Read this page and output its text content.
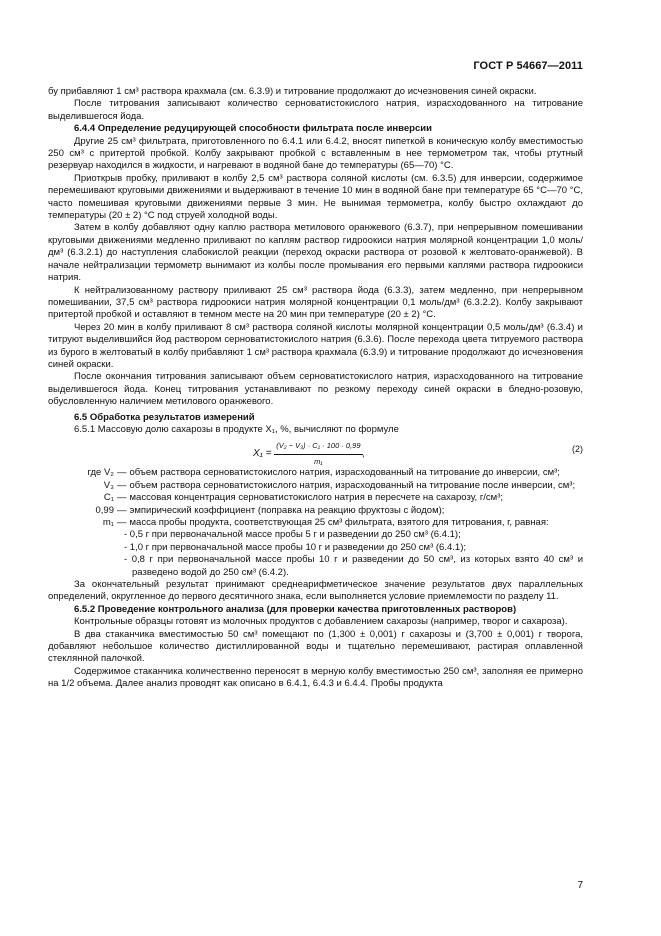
ГОСТ Р 54667—2011

бу прибавляют 1 см³ раствора крахмала (см. 6.3.9) и титрование продолжают до исчезновения синей окраски.

После титрования записывают количество серноватистокислого натрия, израсходованного на титрование выделившегося йода.

6.4.4 Определение редуцирующей способности фильтрата после инверсии

Другие 25 см³ фильтрата, приготовленного по 6.4.1 или 6.4.2, вносят пипеткой в коническую колбу вместимостью 250 см³ с притертой пробкой. Колбу закрывают пробкой с вставленным в нее термометром так, чтобы ртутный резервуар находился в жидкости, и нагревают в водяной бане до температуры (65—70) °С.

Приоткрыв пробку, приливают в колбу 2,5 см³ раствора соляной кислоты (см. 6.3.5) для инверсии, содержимое перемешивают круговыми движениями и выдерживают в течение 10 мин в водяной бане при температуре 65 °С—70 °С, часто помешивая круговыми движениями первые 3 мин. Не вынимая термометра, колбу быстро охлаждают до температуры (20 ± 2) °С под струей холодной воды.

Затем в колбу добавляют одну каплю раствора метилового оранжевого (6.3.7), при непрерывном помешивании круговыми движениями медленно приливают по каплям раствор гидроокиси натрия молярной концентрации 1,0 моль/дм³ (6.3.2.1) до наступления слабокислой реакции (переход окраски раствора от розовой к желтовато-оранжевой). В начале нейтрализации термометр вынимают из колбы после промывания его первыми каплями раствора гидроокиси натрия.

К нейтрализованному раствору приливают 25 см³ раствора йода (6.3.3), затем медленно, при непрерывном помешивании, 37,5 см³ раствора гидроокиси натрия молярной концентрации 0,1 моль/дм³ (6.3.2.2). Колбу закрывают притертой пробкой и оставляют в темном месте на 20 мин при температуре (20 ± 2) °С.

Через 20 мин в колбу приливают 8 см³ раствора соляной кислоты молярной концентрации 0,5 моль/дм³ (6.3.4) и титруют выделившийся йод раствором серноватистокислого натрия (6.3.6). После перехода цвета титруемого раствора из бурого в желтоватый в колбу прибавляют 1 см³ раствора крахмала (6.3.9) и титрование продолжают до исчезновения синей окраски.

После окончания титрования записывают объем серноватистокислого натрия, израсходованного на титрование выделившегося йода. Конец титрования устанавливают по резкому переходу синей окраски в бледно-розовую, обусловленную наличием метилового оранжевого.

6.5 Обработка результатов измерений

6.5.1 Массовую долю сахарозы в продукте X₁, %, вычисляют по формуле

$X_1 = \frac{\text{(V₂ − V₃) · C₁ · 100 · 0,99}}{\text{m₁}}$ ,	(2)
где V₂ — объем раствора серноватистокислого натрия, израсходованный на титрование до инверсии, см³;
V₃ — объем раствора серноватистокислого натрия, израсходованный на титрование после инверсии, см³;
C₁ — массовая концентрация серноватистокислого натрия в пересчете на сахарозу, г/см³;
0,99 — эмпирический коэффициент (поправка на реакцию фруктозы с йодом);
m₁ — масса пробы продукта, соответствующая 25 см³ фильтрата, взятого для титрования, г, равная:

- 0,5 г при первоначальной массе пробы 5 г и разведении до 250 см³ (6.4.1);

- 1,0 г при первоначальной массе пробы 10 г и разведении до 250 см³ (6.4.1);

- 0,8 г при первоначальной массе пробы 10 г и разведении до 50 см³, из которых взято 40 см³ и разведено водой до 250 см³ (6.4.2).

За окончательный результат принимают среднеарифметическое значение результатов двух параллельных определений, округленное до первого десятичного знака, если выполняется условие приемлемости по разделу 11.

6.5.2 Проведение контрольного анализа (для проверки качества приготовленных растворов)

Контрольные образцы готовят из молочных продуктов с добавлением сахарозы (например, творог и сахароза).

В два стаканчика вместимостью 50 см³ помещают по (1,300 ± 0,001) г сахарозы и (3,700 ± 0,001) г творога, добавляют небольшое количество дистиллированной воды и тщательно перемешивают, растирая оплавленной стеклянной палочкой.

Содержимое стаканчика количественно переносят в мерную колбу вместимостью 250 см³, заполняя ее примерно на 1/2 объема. Далее анализ проводят как описано в 6.4.1, 6.4.3 и 6.4.4. Пробы продукта

7
